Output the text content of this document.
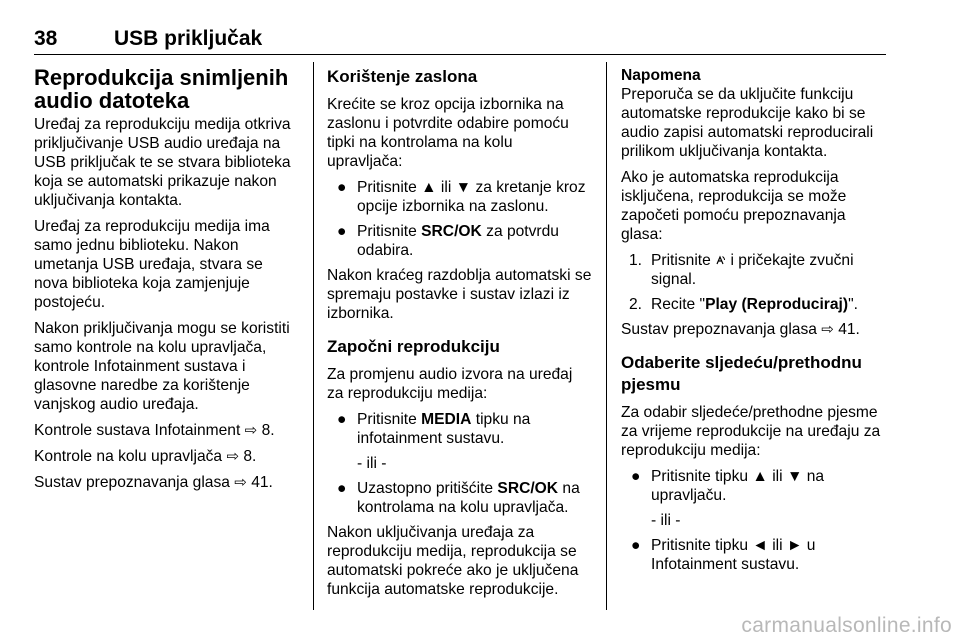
38	USB priključak
Reprodukcija snimljenih audio datoteka

Uređaj za reprodukciju medija otkriva priključivanje USB audio uređaja na USB priključak te se stvara biblioteka koja se automatski prikazuje nakon uključivanja kontakta.

Uređaj za reprodukciju medija ima samo jednu biblioteku. Nakon umetanja USB uređaja, stvara se nova biblioteka koja zamjenjuje postojeću.

Nakon priključivanja mogu se koristiti samo kontrole na kolu upravljača, kontrole Infotainment sustava i glasovne naredbe za korištenje vanjskog audio uređaja.

Kontrole sustava Infotainment ⇨ 8.

Kontrole na kolu upravljača ⇨ 8.

Sustav prepoznavanja glasa ⇨ 41.

Korištenje zaslona

Krećite se kroz opcija izbornika na zaslonu i potvrdite odabire pomoću tipki na kontrolama na kolu upravljača:

● Pritisnite ▲ ili ▼ za kretanje kroz opcije izbornika na zaslonu.
● Pritisnite SRC/OK za potvrdu odabira.

Nakon kraćeg razdoblja automatski se spremaju postavke i sustav izlazi iz izbornika.

Započni reprodukciju

Za promjenu audio izvora na uređaj za reprodukciju medija:

● Pritisnite MEDIA tipku na infotainment sustavu.
- ili -
● Uzastopno pritišćite SRC/OK na kontrolama na kolu upravljača.

Nakon uključivanja uređaja za reprodukciju medija, reprodukcija se automatski pokreće ako je uključena funkcija automatske reprodukcije.

Napomena

Preporuča se da uključite funkciju automatske reprodukcije kako bi se audio zapisi automatski reproducirali prilikom uključivanja kontakta.

Ako je automatska reprodukcija isključena, reprodukcija se može započeti pomoću prepoznavanja glasa:

1. Pritisnite i pričekajte zvučni signal.
2. Recite "Play (Reproduciraj)".

Sustav prepoznavanja glasa ⇨ 41.

Odaberite sljedeću/prethodnu pjesmu

Za odabir sljedeće/prethodne pjesme za vrijeme reprodukcije na uređaju za reprodukciju medija:

● Pritisnite tipku ▲ ili ▼ na upravljaču.
- ili -
● Pritisnite tipku ◄ ili ► u Infotainment sustavu.
carmanualsonline.info
